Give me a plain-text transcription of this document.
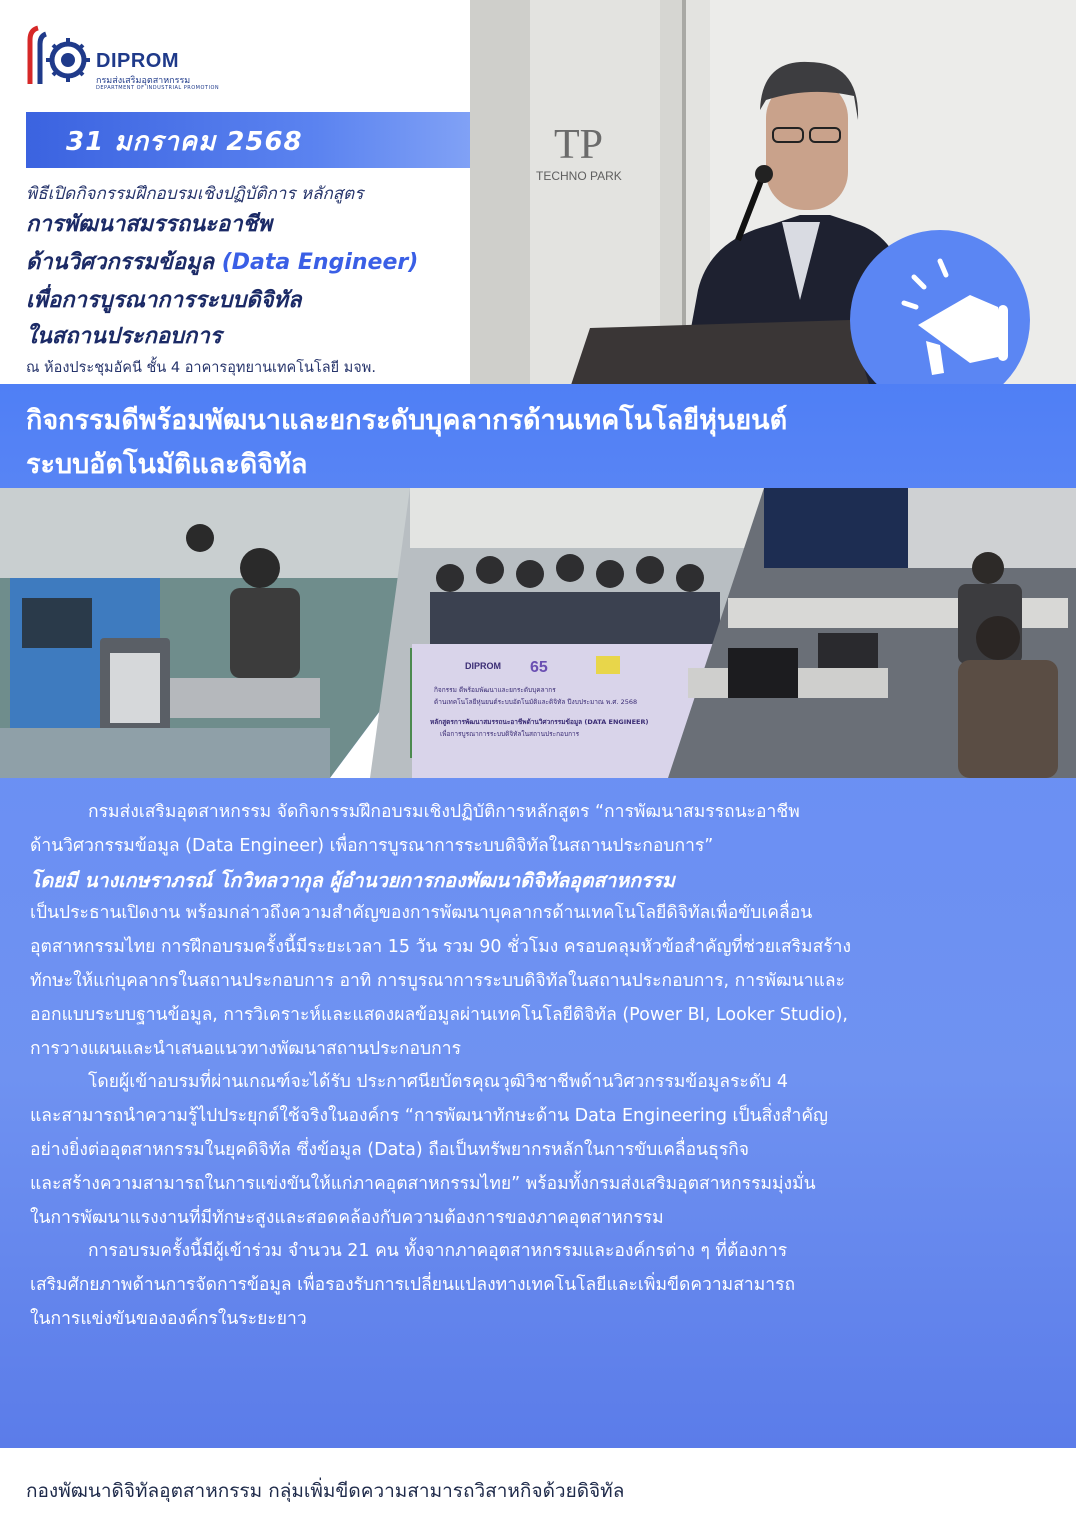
DIPROM
กรมส่งเสริมอุตสาหกรรม
DEPARTMENT OF INDUSTRIAL PROMOTION
31 มกราคม 2568
พิธีเปิดกิจกรรมฝึกอบรมเชิงปฏิบัติการ หลักสูตร
การพัฒนาสมรรถนะอาชีพ
ด้านวิศวกรรมข้อมูล (Data Engineer)
เพื่อการบูรณาการระบบดิจิทัล
ในสถานประกอบการ
ณ ห้องประชุมอัคนี ชั้น 4 อาคารอุทยานเทคโนโลยี มจพ.
TP
TECHNO PARK
กิจกรรมดีพร้อมพัฒนาและยกระดับบุคลากรด้านเทคโนโลยีหุ่นยนต์
ระบบอัตโนมัติและดิจิทัล
DIPROM 65
กิจกรรม ดีพร้อมพัฒนาและยกระดับบุคลากร
ด้านเทคโนโลยีหุ่นยนต์ระบบอัตโนมัติและดิจิทัล ปีงบประมาณ พ.ศ. 2568
หลักสูตรการพัฒนาสมรรถนะอาชีพด้านวิศวกรรมข้อมูล (DATA ENGINEER)
เพื่อการบูรณาการระบบดิจิทัลในสถานประกอบการ

กรมส่งเสริมอุตสาหกรรม จัดกิจกรรมฝึกอบรมเชิงปฏิบัติการหลักสูตร “การพัฒนาสมรรถนะอาชีพ

ด้านวิศวกรรมข้อมูล (Data Engineer) เพื่อการบูรณาการระบบดิจิทัลในสถานประกอบการ”

โดยมี นางเกษราภรณ์ โกวิทลวากุล ผู้อำนวยการกองพัฒนาดิจิทัลอุตสาหกรรม

เป็นประธานเปิดงาน พร้อมกล่าวถึงความสำคัญของการพัฒนาบุคลากรด้านเทคโนโลยีดิจิทัลเพื่อขับเคลื่อน

อุตสาหกรรมไทย การฝึกอบรมครั้งนี้มีระยะเวลา 15 วัน รวม 90 ชั่วโมง ครอบคลุมหัวข้อสำคัญที่ช่วยเสริมสร้าง

ทักษะให้แก่บุคลากรในสถานประกอบการ อาทิ การบูรณาการระบบดิจิทัลในสถานประกอบการ, การพัฒนาและ

ออกแบบระบบฐานข้อมูล, การวิเคราะห์และแสดงผลข้อมูลผ่านเทคโนโลยีดิจิทัล (Power BI, Looker Studio),

การวางแผนและนำเสนอแนวทางพัฒนาสถานประกอบการ

โดยผู้เข้าอบรมที่ผ่านเกณฑ์จะได้รับ ประกาศนียบัตรคุณวุฒิวิชาชีพด้านวิศวกรรมข้อมูลระดับ 4

และสามารถนำความรู้ไปประยุกต์ใช้จริงในองค์กร “การพัฒนาทักษะด้าน Data Engineering เป็นสิ่งสำคัญ

อย่างยิ่งต่ออุตสาหกรรมในยุคดิจิทัล ซึ่งข้อมูล (Data) ถือเป็นทรัพยากรหลักในการขับเคลื่อนธุรกิจ

และสร้างความสามารถในการแข่งขันให้แก่ภาคอุตสาหกรรมไทย” พร้อมทั้งกรมส่งเสริมอุตสาหกรรมมุ่งมั่น

ในการพัฒนาแรงงานที่มีทักษะสูงและสอดคล้องกับความต้องการของภาคอุตสาหกรรม

การอบรมครั้งนี้มีผู้เข้าร่วม จำนวน 21 คน ทั้งจากภาคอุตสาหกรรมและองค์กรต่าง ๆ ที่ต้องการ

เสริมศักยภาพด้านการจัดการข้อมูล เพื่อรองรับการเปลี่ยนแปลงทางเทคโนโลยีและเพิ่มขีดความสามารถ

ในการแข่งขันขององค์กรในระยะยาว

กองพัฒนาดิจิทัลอุตสาหกรรม กลุ่มเพิ่มขีดความสามารถวิสาหกิจด้วยดิจิทัล
